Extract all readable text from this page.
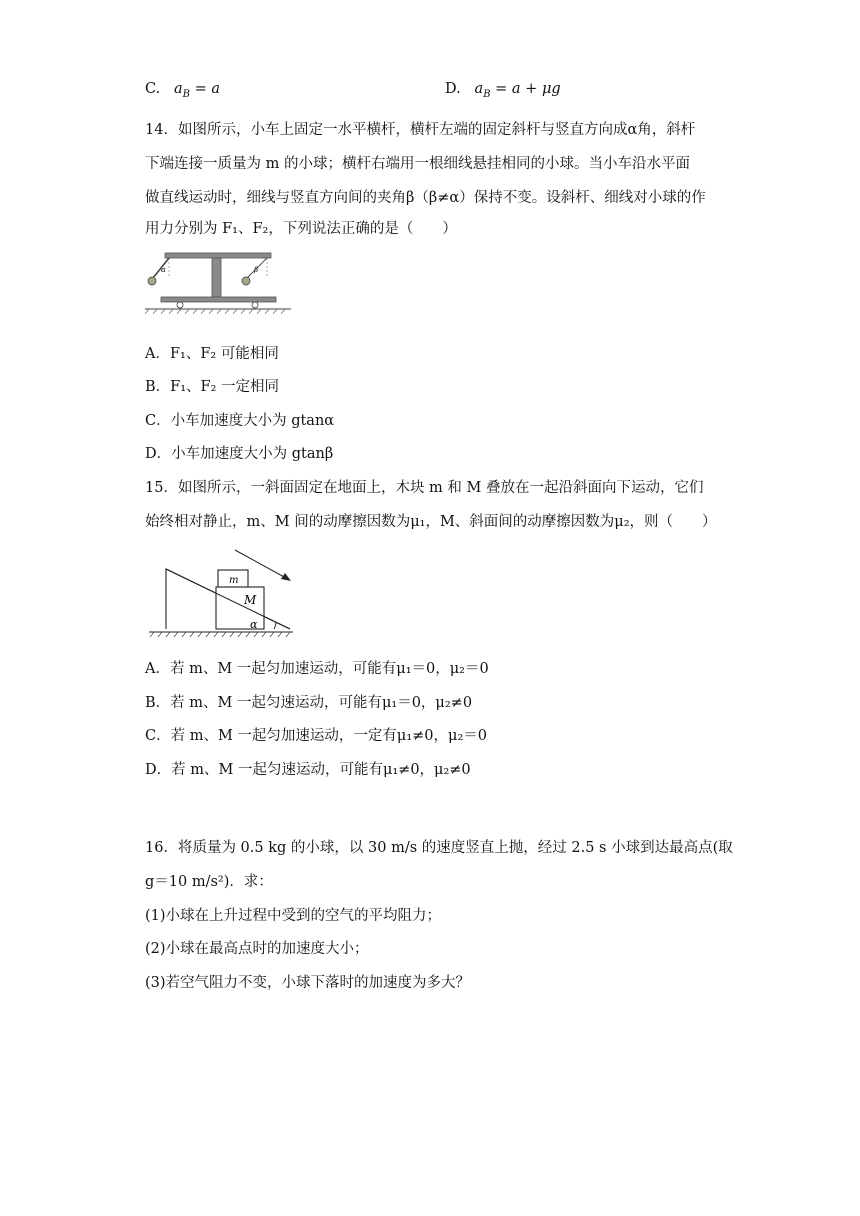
C. $a_B = a$	D. $a_B = a + \mu g$
14．如图所示，小车上固定一水平横杆，横杆左端的固定斜杆与竖直方向成α角，斜杆
下端连接一质量为 m 的小球；横杆右端用一根细线悬挂相同的小球。当小车沿水平面
做直线运动时，细线与竖直方向间的夹角β（β≠α）保持不变。设斜杆、细线对小球的作
用力分别为 F₁、F₂，下列说法正确的是（　　）
α	β
A．F₁、F₂ 可能相同
B．F₁、F₂ 一定相同
C．小车加速度大小为 gtanα
D．小车加速度大小为 gtanβ
15．如图所示，一斜面固定在地面上，木块 m 和 M 叠放在一起沿斜面向下运动，它们
始终相对静止，m、M 间的动摩擦因数为μ₁，M、斜面间的动摩擦因数为μ₂，则（　　）
m
M
α
A．若 m、M 一起匀加速运动，可能有μ₁＝0，μ₂＝0
B．若 m、M 一起匀速运动，可能有μ₁＝0，μ₂≠0
C．若 m、M 一起匀加速运动，一定有μ₁≠0，μ₂＝0
D．若 m、M 一起匀速运动，可能有μ₁≠0，μ₂≠0
16．将质量为 0.5 kg 的小球，以 30 m/s 的速度竖直上抛，经过 2.5 s 小球到达最高点(取
g＝10 m/s²)．求：
(1)小球在上升过程中受到的空气的平均阻力；
(2)小球在最高点时的加速度大小；
(3)若空气阻力不变，小球下落时的加速度为多大？
